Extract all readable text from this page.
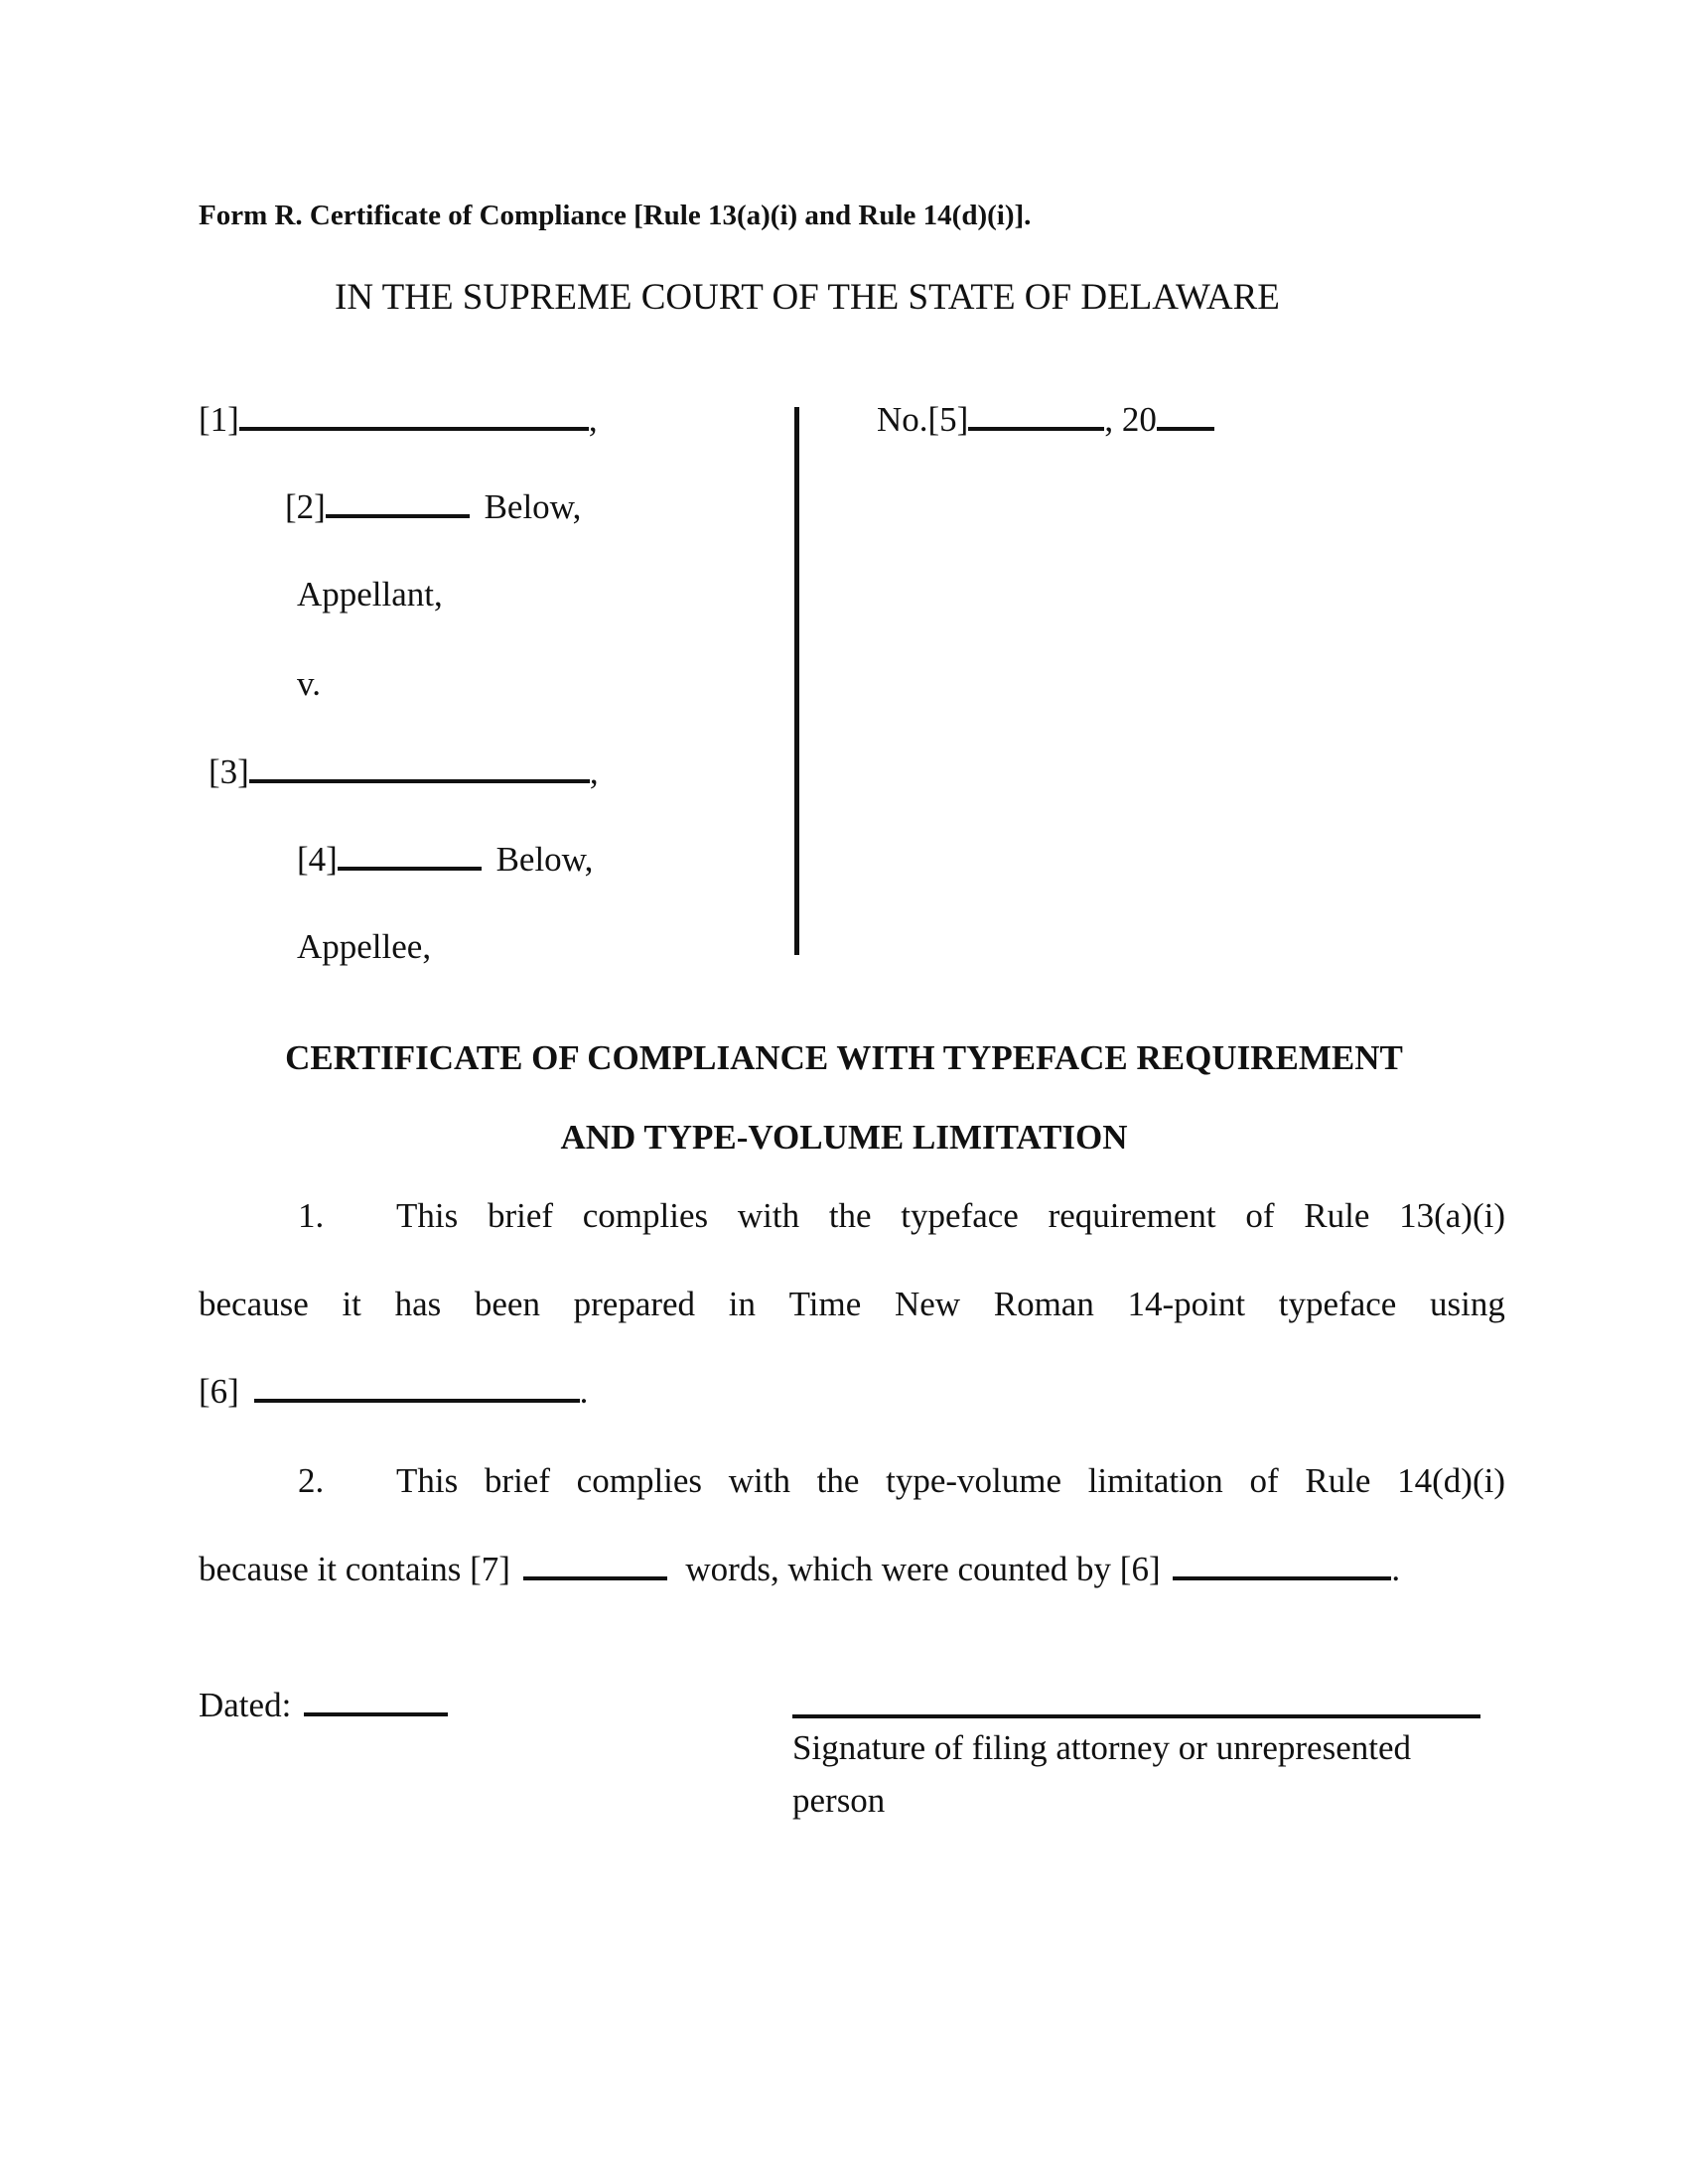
Form R. Certificate of Compliance [Rule 13(a)(i) and Rule 14(d)(i)].
IN THE SUPREME COURT OF THE STATE OF DELAWARE
[1]	,
[2]	Below,
Appellant,
v.
[3]	,
[4]	Below,
Appellee,
No.[5]	, 20
CERTIFICATE OF COMPLIANCE WITH TYPEFACE REQUIREMENT
AND TYPE-VOLUME LIMITATION
1. This brief complies with the typeface requirement of Rule 13(a)(i)
because it has been prepared in Time New Roman 14-point typeface using
[6]	.
2. This brief complies with the type-volume limitation of Rule 14(d)(i)
because it contains [7]	words, which were counted by [6]	.
Dated:
Signature of filing attorney or unrepresented
person
